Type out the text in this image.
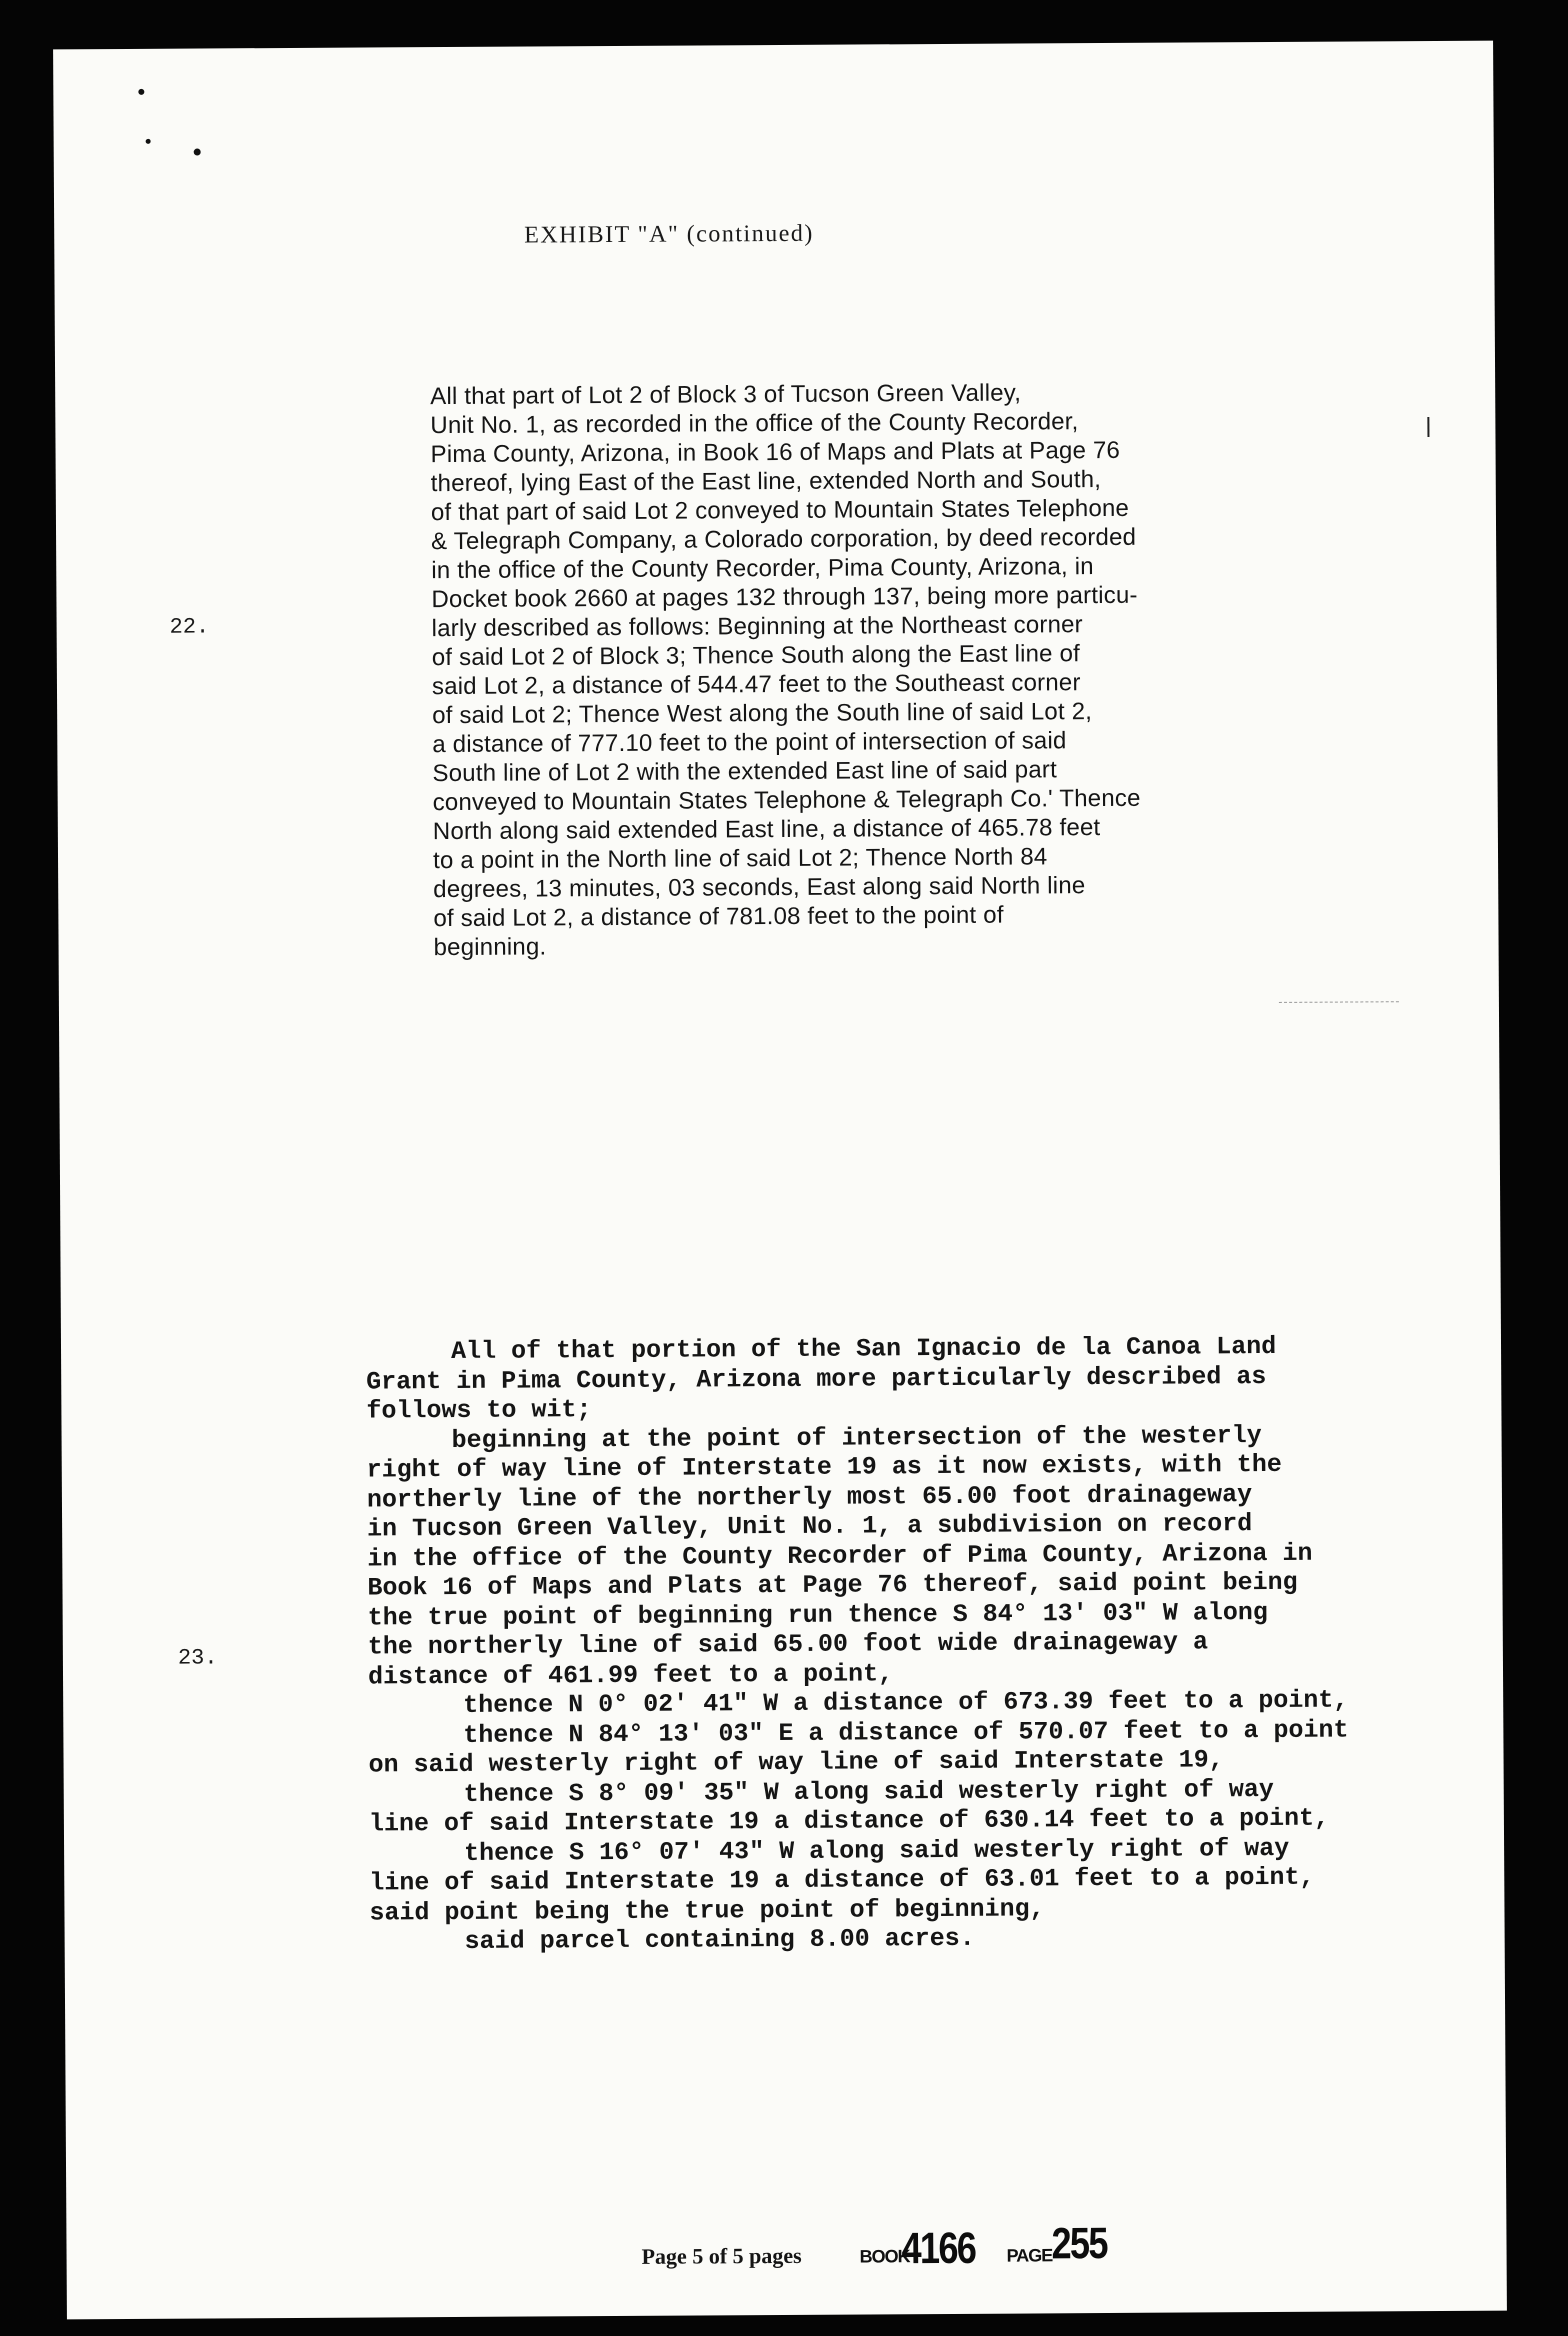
EXHIBIT "A" (continued)
22.
All that part of Lot 2 of Block 3 of Tucson Green Valley,
Unit No. 1, as recorded in the office of the County Recorder,
Pima County, Arizona, in Book 16 of Maps and Plats at Page 76
thereof, lying East of the East line, extended North and South,
of that part of said Lot 2 conveyed to Mountain States Telephone
& Telegraph Company, a Colorado corporation, by deed recorded
in the office of the County Recorder, Pima County, Arizona, in
Docket book 2660 at pages 132 through 137, being more particu-
larly described as follows: Beginning at the Northeast corner
of said Lot 2 of Block 3; Thence South along the East line of
said Lot 2, a distance of 544.47 feet to the Southeast corner
of said Lot 2; Thence West along the South line of said Lot 2,
a distance of 777.10 feet to the point of intersection of said
South line of Lot 2 with the extended East line of said part
conveyed to Mountain States Telephone & Telegraph Co.' Thence
North along said extended East line, a distance of 465.78 feet
to a point in the North line of said Lot 2; Thence North 84
degrees, 13 minutes, 03 seconds, East along said North line
of said Lot 2, a distance of 781.08 feet to the point of
beginning.
23.
All of that portion of the San Ignacio de la Canoa Land
Grant in Pima County, Arizona more particularly described as
follows to wit;
beginning at the point of intersection of the westerly
right of way line of Interstate 19 as it now exists, with the
northerly line of the northerly most 65.00 foot drainageway
in Tucson Green Valley, Unit No. 1, a subdivision on record
in the office of the County Recorder of Pima County, Arizona in
Book 16 of Maps and Plats at Page 76 thereof, said point being
the true point of beginning run thence S 84° 13' 03" W along
the northerly line of said 65.00 foot wide drainageway a
distance of 461.99 feet to a point,
thence N 0° 02' 41" W a distance of 673.39 feet to a point,
thence N 84° 13' 03" E a distance of 570.07 feet to a point
on said westerly right of way line of said Interstate 19,
thence S 8° 09' 35" W along said westerly right of way
line of said Interstate 19 a distance of 630.14 feet to a point,
thence S 16° 07' 43" W along said westerly right of way
line of said Interstate 19 a distance of 63.01 feet to a point,
said point being the true point of beginning,
said parcel containing 8.00 acres.
Page 5 of 5 pages	BOOK
4166 PAGE 255
